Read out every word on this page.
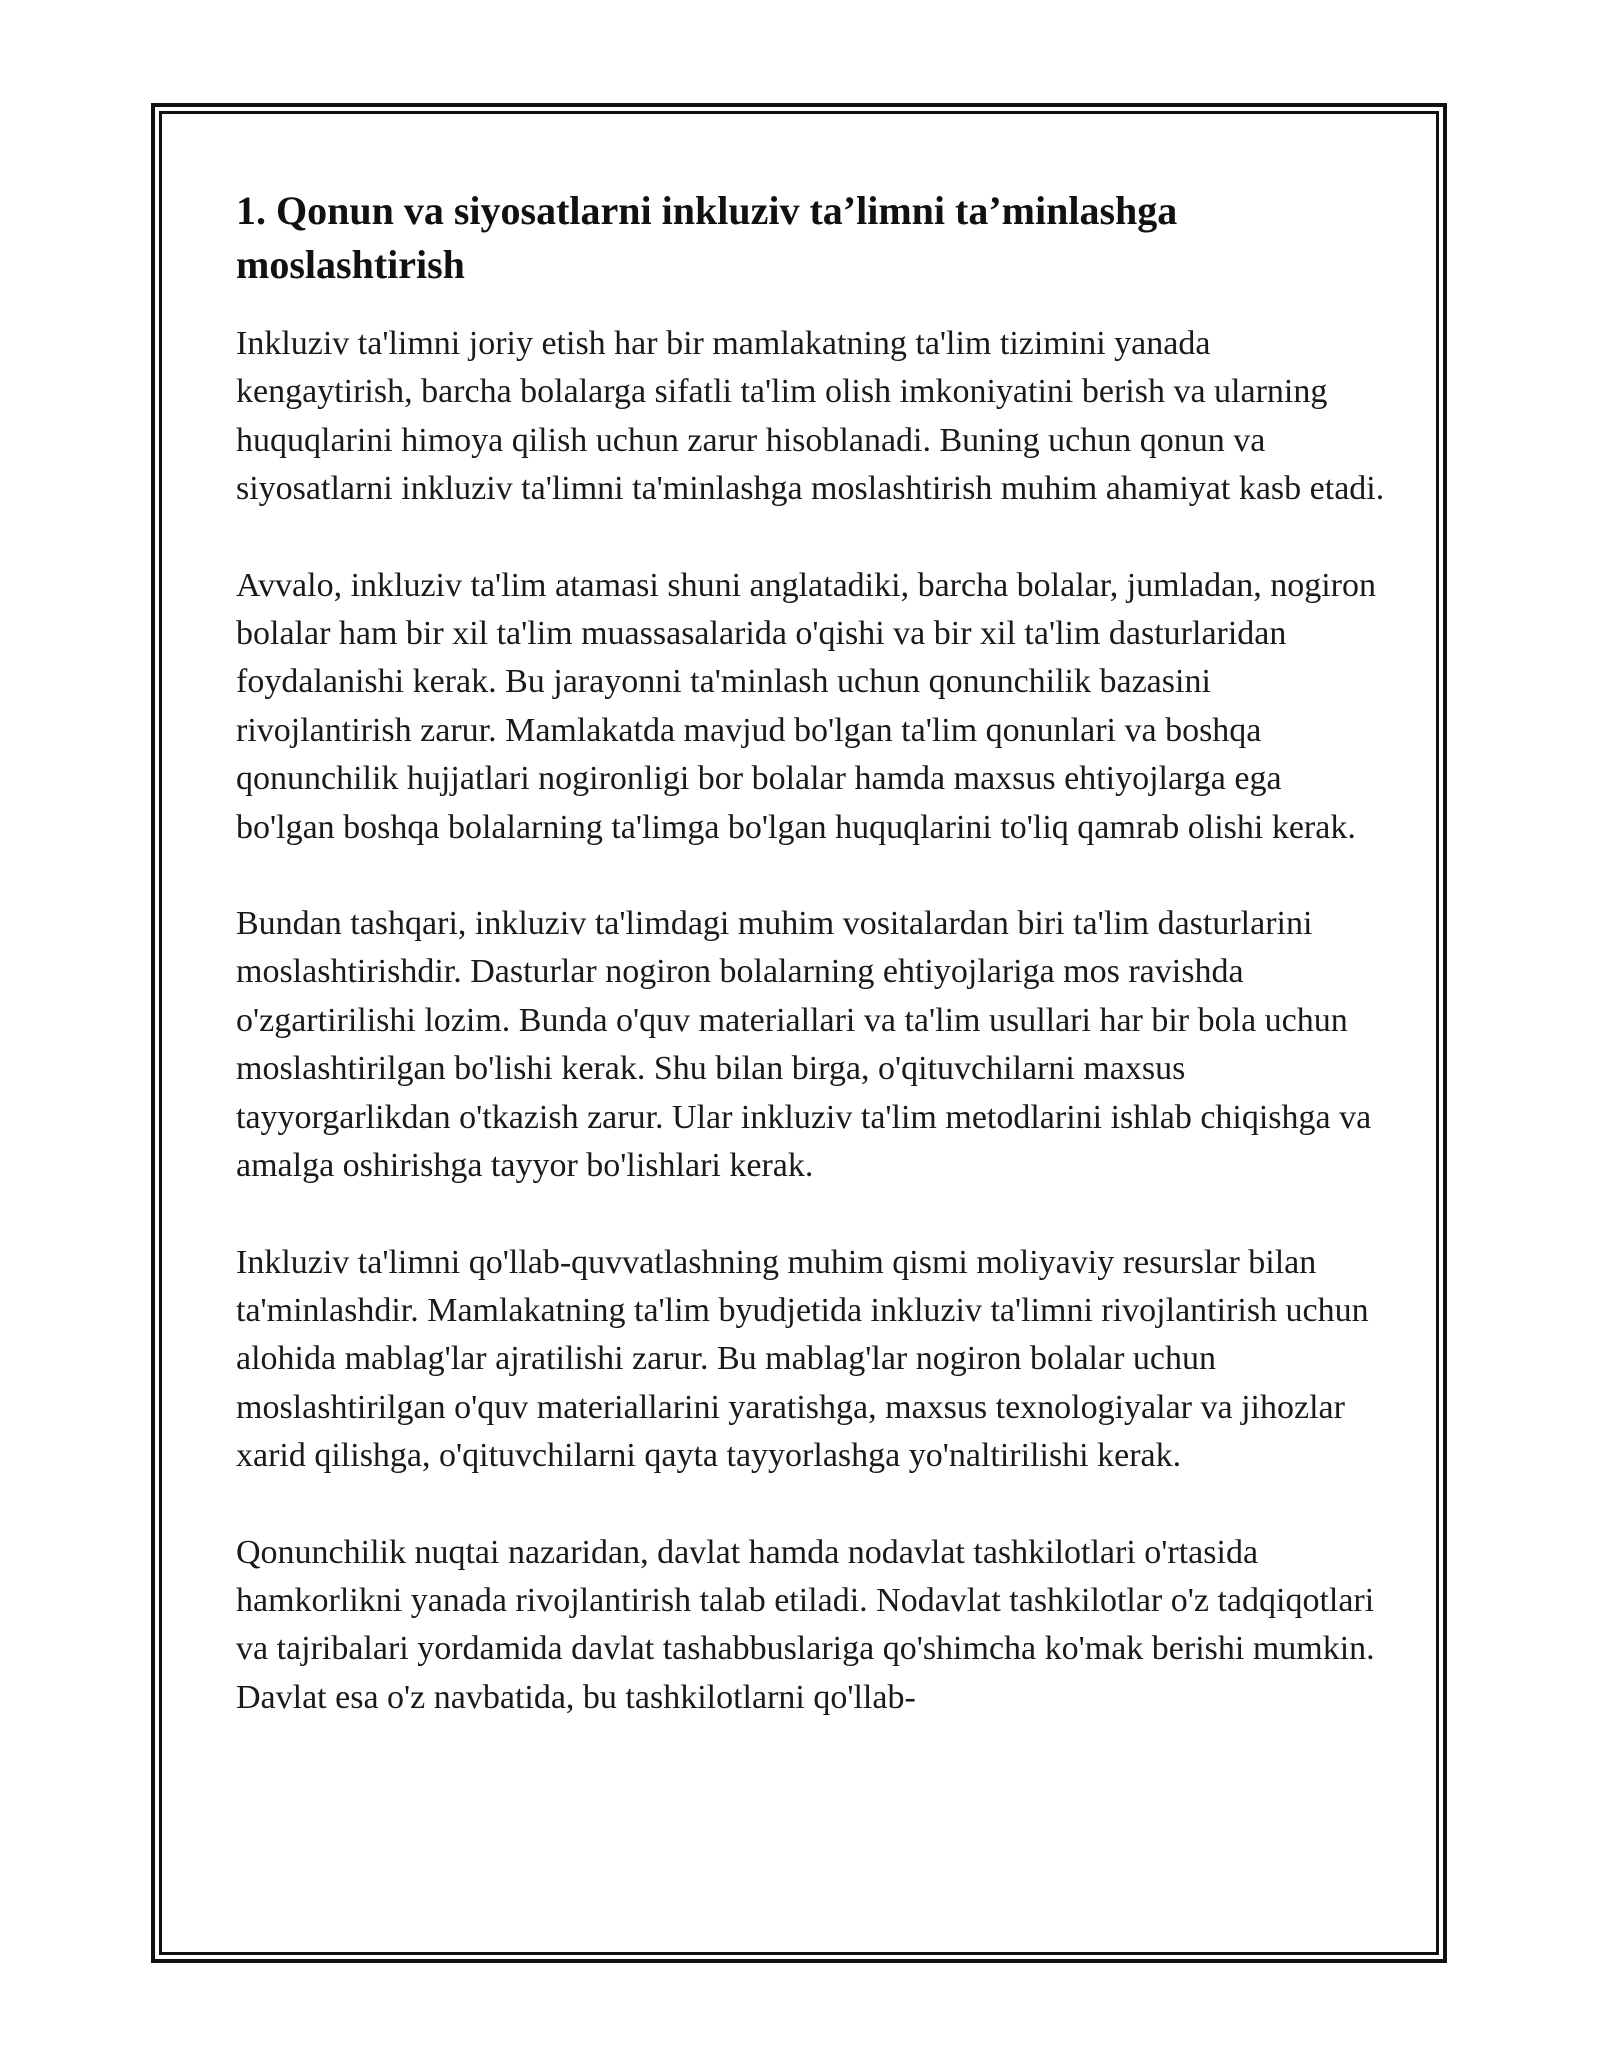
1. Qonun va siyosatlarni inkluziv ta’limni ta’minlashga moslashtirish

Inkluziv ta'limni joriy etish har bir mamlakatning ta'lim tizimini yanada kengaytirish, barcha bolalarga sifatli ta'lim olish imkoniyatini berish va ularning huquqlarini himoya qilish uchun zarur hisoblanadi. Buning uchun qonun va siyosatlarni inkluziv ta'limni ta'minlashga moslashtirish muhim ahamiyat kasb etadi.

Avvalo, inkluziv ta'lim atamasi shuni anglatadiki, barcha bolalar, jumladan, nogiron bolalar ham bir xil ta'lim muassasalarida o'qishi va bir xil ta'lim dasturlaridan foydalanishi kerak. Bu jarayonni ta'minlash uchun qonunchilik bazasini rivojlantirish zarur. Mamlakatda mavjud bo'lgan ta'lim qonunlari va boshqa qonunchilik hujjatlari nogironligi bor bolalar hamda maxsus ehtiyojlarga ega bo'lgan boshqa bolalarning ta'limga bo'lgan huquqlarini to'liq qamrab olishi kerak.

Bundan tashqari, inkluziv ta'limdagi muhim vositalardan biri ta'lim dasturlarini moslashtirishdir. Dasturlar nogiron bolalarning ehtiyojlariga mos ravishda o'zgartirilishi lozim. Bunda o'quv materiallari va ta'lim usullari har bir bola uchun moslashtirilgan bo'lishi kerak. Shu bilan birga, o'qituvchilarni maxsus tayyorgarlikdan o'tkazish zarur. Ular inkluziv ta'lim metodlarini ishlab chiqishga va amalga oshirishga tayyor bo'lishlari kerak.

Inkluziv ta'limni qo'llab-quvvatlashning muhim qismi moliyaviy resurslar bilan ta'minlashdir. Mamlakatning ta'lim byudjetida inkluziv ta'limni rivojlantirish uchun alohida mablag'lar ajratilishi zarur. Bu mablag'lar nogiron bolalar uchun moslashtirilgan o'quv materiallarini yaratishga, maxsus texnologiyalar va jihozlar xarid qilishga, o'qituvchilarni qayta tayyorlashga yo'naltirilishi kerak.

Qonunchilik nuqtai nazaridan, davlat hamda nodavlat tashkilotlari o'rtasida hamkorlikni yanada rivojlantirish talab etiladi. Nodavlat tashkilotlar o'z tadqiqotlari va tajribalari yordamida davlat tashabbuslariga qo'shimcha ko'mak berishi mumkin. Davlat esa o'z navbatida, bu tashkilotlarni qo'llab-
